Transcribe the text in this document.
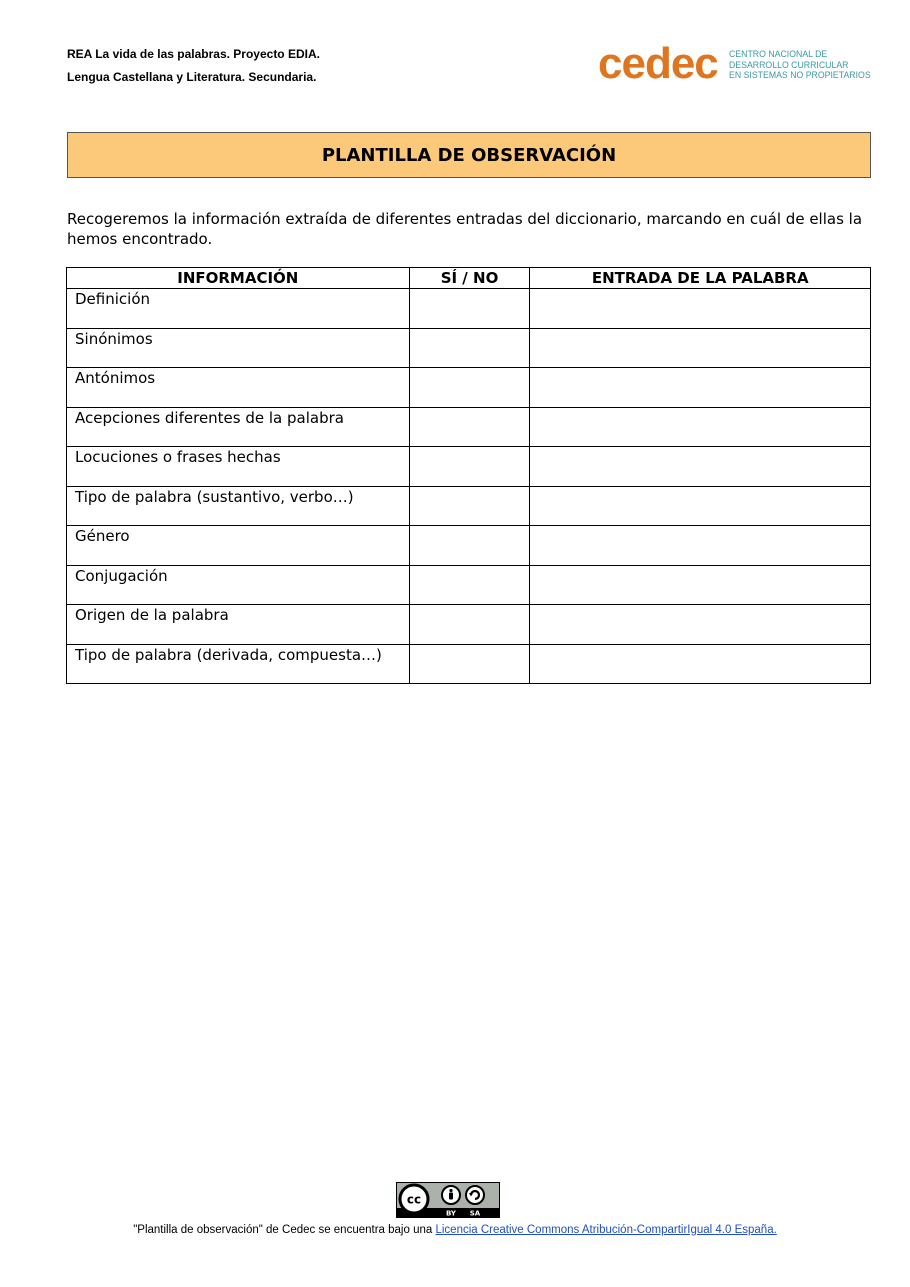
REA La vida de las palabras. Proyecto EDIA.
Lengua Castellana y Literatura. Secundaria.	cedec CENTRO NACIONAL DE
DESARROLLO CURRICULAR
EN SISTEMAS NO PROPIETARIOS
PLANTILLA DE OBSERVACIÓN
Recogeremos la información extraída de diferentes entradas del diccionario, marcando en cuál de ellas la hemos encontrado.
INFORMACIÓN	SÍ / NO	ENTRADA DE LA PALABRA
Definición		
Sinónimos		
Antónimos		
Acepciones diferentes de la palabra		
Locuciones o frases hechas		
Tipo de palabra (sustantivo, verbo…)		
Género		
Conjugación		
Origen de la palabra		
Tipo de palabra (derivada, compuesta…)		
cc
BY SA
"Plantilla de observación" de Cedec se encuentra bajo una Licencia Creative Commons Atribución-CompartirIgual 4.0 España.
